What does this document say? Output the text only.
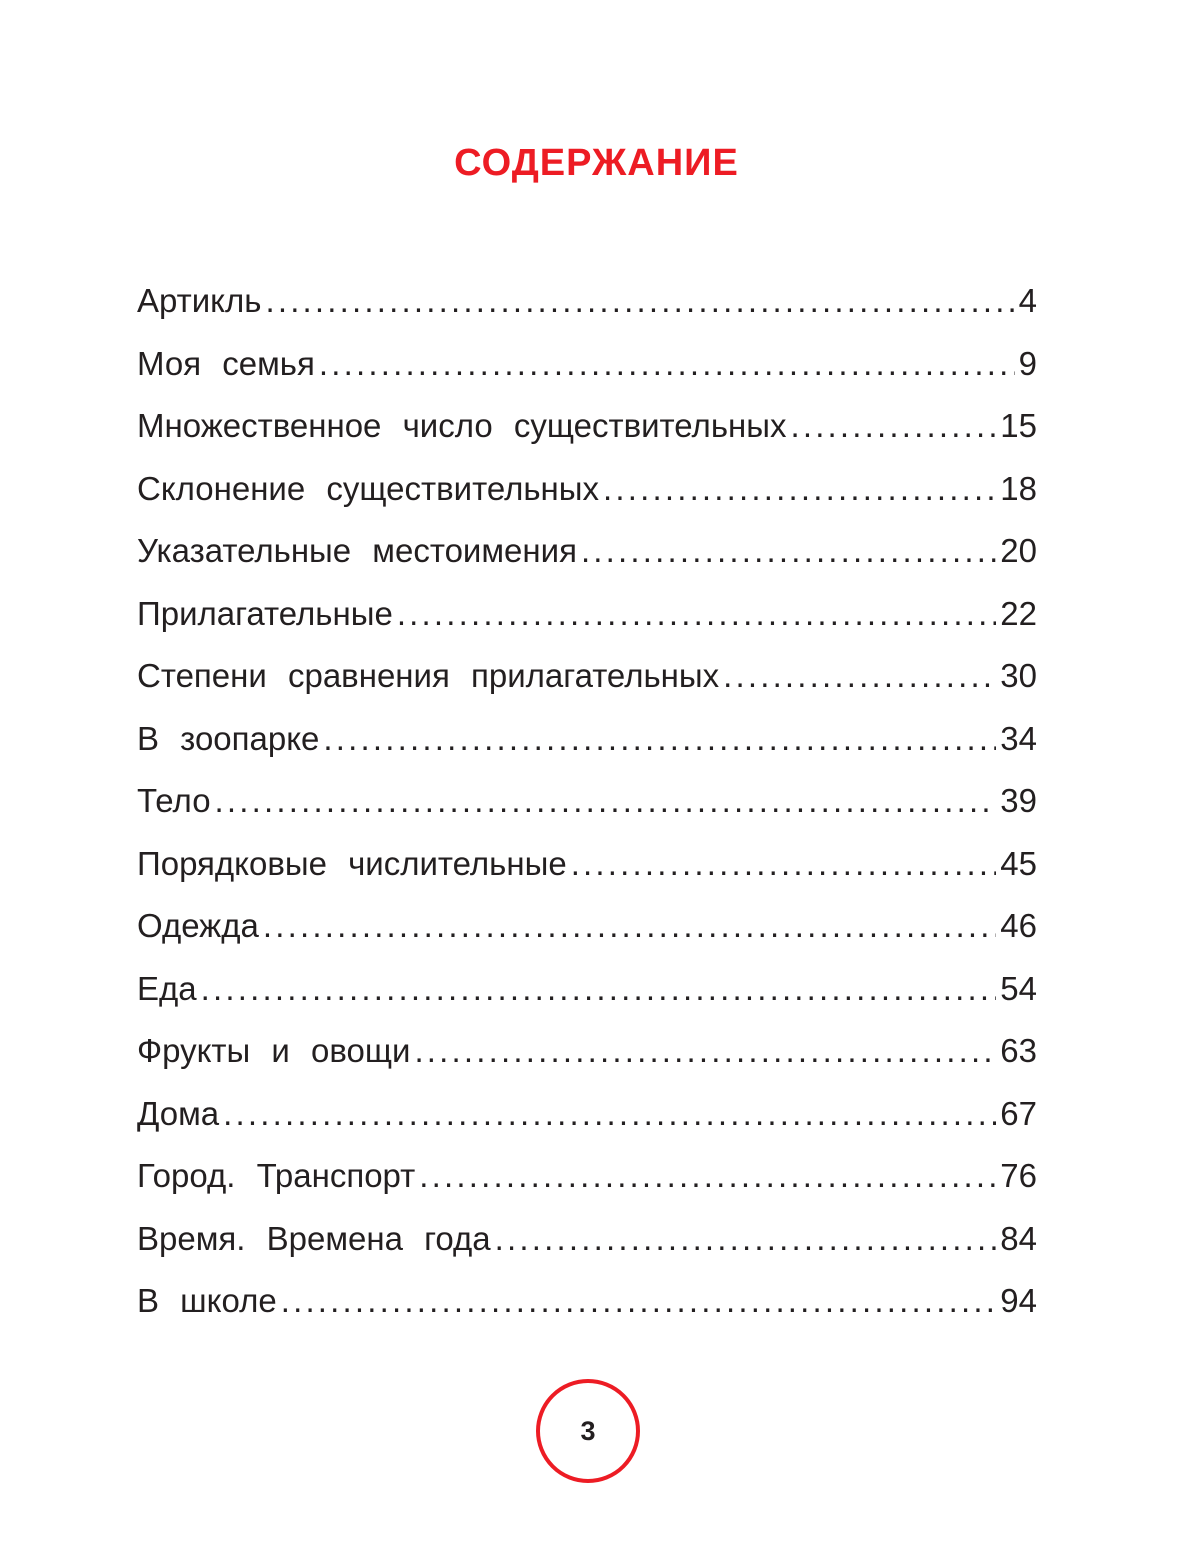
СОДЕРЖАНИЕ
Артикль .....	4
Моя семья .....	9
Множественное число существительных .....	15
Склонение существительных .....	18
Указательные местоимения .....	20
Прилагательные .....	22
Степени сравнения прилагательных .....	30
В зоопарке .....	34
Тело .....	39
Порядковые числительные .....	45
Одежда .....	46
Еда .....	54
Фрукты и овощи .....	63
Дома .....	67
Город. Транспорт .....	76
Время. Времена года .....	84
В школе .....	94
3
